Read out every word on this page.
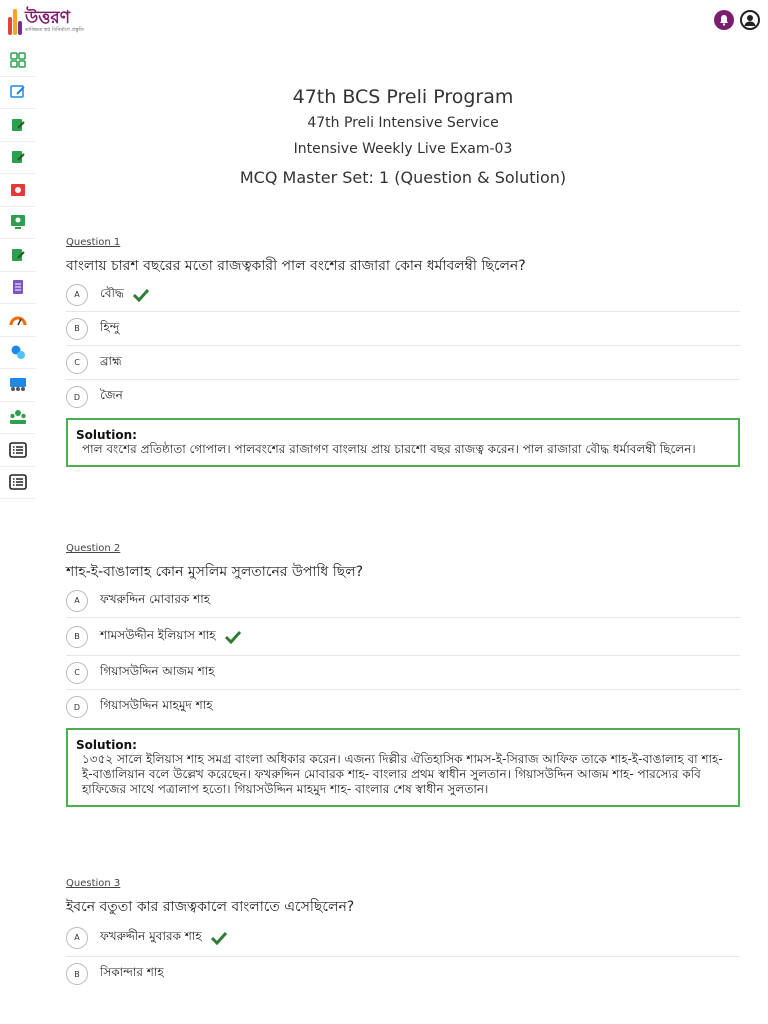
উত্তরণ
কাঙ্ক্ষিত স্বপ্ন বিনির্মাণে প্রস্তুতি
47th BCS Preli Program
47th Preli Intensive Service
Intensive Weekly Live Exam-03
MCQ Master Set: 1 (Question & Solution)
Question 1
বাংলায় চারশ বছরের মতো রাজত্বকারী পাল বংশের রাজারা কোন ধর্মাবলম্বী ছিলেন?
A	বৌদ্ধ
B	হিন্দু
C	ব্রাহ্ম
D	জৈন
Solution:
পাল বংশের প্রতিষ্ঠাতা গোপাল। পালবংশের রাজাগণ বাংলায় প্রায় চারশো বছর রাজত্ব করেন। পাল রাজারা বৌদ্ধ ধর্মাবলম্বী ছিলেন।
Question 2
শাহ-ই-বাঙালাহ কোন মুসলিম সুলতানের উপাধি ছিল?
A	ফখরুদ্দিন মোবারক শাহ
B	শামসউদ্দীন ইলিয়াস শাহ
C	গিয়াসউদ্দিন আজম শাহ
D	গিয়াসউদ্দিন মাহমুদ শাহ
Solution:
১৩৫২ সালে ইলিয়াস শাহ সমগ্র বাংলা অধিকার করেন। এজন্য দিল্লীর ঐতিহাসিক শামস-ই-সিরাজ আফিফ তাকে শাহ-ই-বাঙালাহ বা শাহ-ই-বাঙালিয়ান বলে উল্লেখ করেছেন। ফখরুদ্দিন মোবারক শাহ- বাংলার প্রথম স্বাধীন সুলতান। গিয়াসউদ্দিন আজম শাহ- পারস্যের কবি হাফিজের সাথে পত্রালাপ হতো। গিয়াসউদ্দিন মাহমুদ শাহ- বাংলার শেষ স্বাধীন সুলতান।
Question 3
ইবনে বতুতা কার রাজত্বকালে বাংলাতে এসেছিলেন?
A	ফখরুদ্দীন মুবারক শাহ
B	সিকান্দার শাহ
